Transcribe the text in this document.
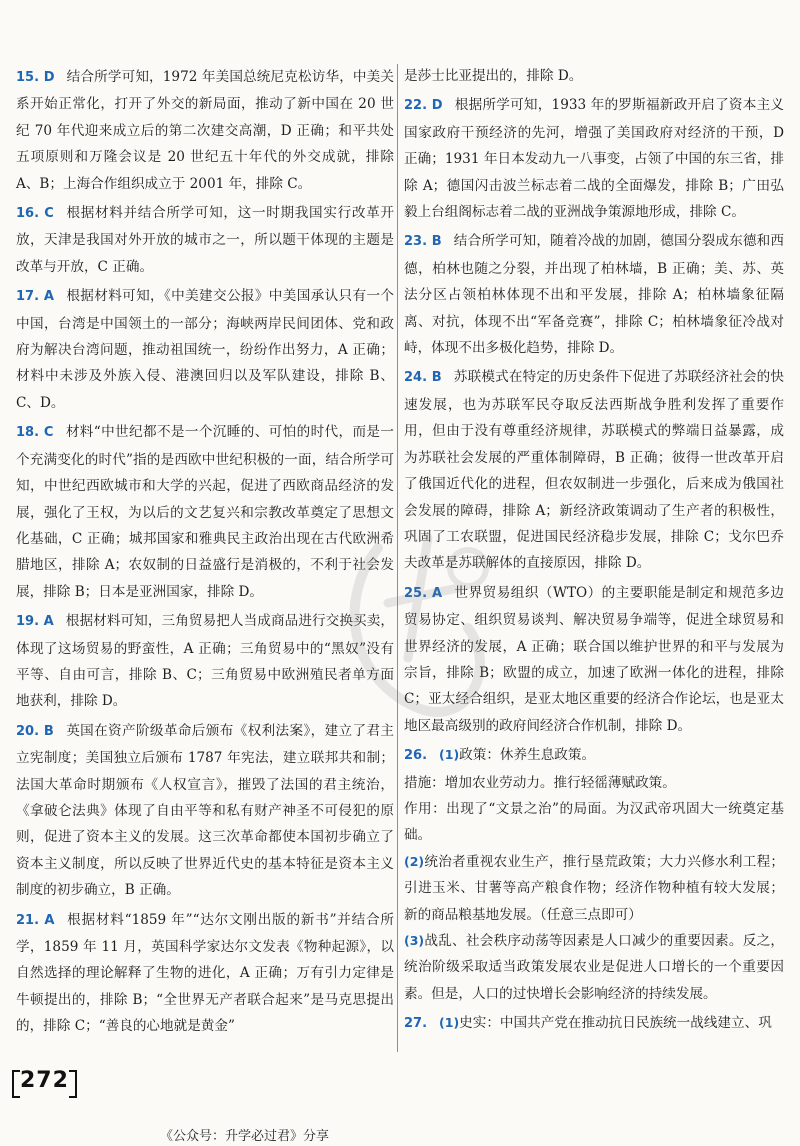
15. D 结合所学可知，1972 年美国总统尼克松访华，中美关系开始正常化，打开了外交的新局面，推动了新中国在 20 世纪 70 年代迎来成立后的第二次建交高潮，D 正确；和平共处五项原则和万隆会议是 20 世纪五十年代的外交成就，排除 A、B；上海合作组织成立于 2001 年，排除 C。
16. C 根据材料并结合所学可知，这一时期我国实行改革开放，天津是我国对外开放的城市之一，所以题干体现的主题是改革与开放，C 正确。
17. A 根据材料可知，《中美建交公报》中美国承认只有一个中国，台湾是中国领土的一部分；海峡两岸民间团体、党和政府为解决台湾问题，推动祖国统一，纷纷作出努力，A 正确；材料中未涉及外族入侵、港澳回归以及军队建设，排除 B、C、D。
18. C 材料“中世纪都不是一个沉睡的、可怕的时代，而是一个充满变化的时代”指的是西欧中世纪积极的一面，结合所学可知，中世纪西欧城市和大学的兴起，促进了西欧商品经济的发展，强化了王权，为以后的文艺复兴和宗教改革奠定了思想文化基础，C 正确；城邦国家和雅典民主政治出现在古代欧洲希腊地区，排除 A；农奴制的日益盛行是消极的，不利于社会发展，排除 B；日本是亚洲国家，排除 D。
19. A 根据材料可知，三角贸易把人当成商品进行交换买卖，体现了这场贸易的野蛮性，A 正确；三角贸易中的“黑奴”没有平等、自由可言，排除 B、C；三角贸易中欧洲殖民者单方面地获利，排除 D。
20. B 英国在资产阶级革命后颁布《权利法案》，建立了君主立宪制度；美国独立后颁布 1787 年宪法，建立联邦共和制；法国大革命时期颁布《人权宣言》，摧毁了法国的君主统治，《拿破仑法典》体现了自由平等和私有财产神圣不可侵犯的原则，促进了资本主义的发展。这三次革命都使本国初步确立了资本主义制度，所以反映了世界近代史的基本特征是资本主义制度的初步确立，B 正确。
21. A 根据材料“1859 年”“达尔文刚出版的新书”并结合所学，1859 年 11 月，英国科学家达尔文发表《物种起源》，以自然选择的理论解释了生物的进化，A 正确；万有引力定律是牛顿提出的，排除 B；“全世界无产者联合起来”是马克思提出的，排除 C；“善良的心地就是黄金”
是莎士比亚提出的，排除 D。
22. D 根据所学可知，1933 年的罗斯福新政开启了资本主义国家政府干预经济的先河，增强了美国政府对经济的干预，D 正确；1931 年日本发动九一八事变，占领了中国的东三省，排除 A；德国闪击波兰标志着二战的全面爆发，排除 B；广田弘毅上台组阁标志着二战的亚洲战争策源地形成，排除 C。
23. B 结合所学可知，随着冷战的加剧，德国分裂成东德和西德，柏林也随之分裂，并出现了柏林墙，B 正确；美、苏、英法分区占领柏林体现不出和平发展，排除 A；柏林墙象征隔离、对抗，体现不出“军备竞赛”，排除 C；柏林墙象征冷战对峙，体现不出多极化趋势，排除 D。
24. B 苏联模式在特定的历史条件下促进了苏联经济社会的快速发展，也为苏联军民夺取反法西斯战争胜利发挥了重要作用，但由于没有尊重经济规律，苏联模式的弊端日益暴露，成为苏联社会发展的严重体制障碍，B 正确；彼得一世改革开启了俄国近代化的进程，但农奴制进一步强化，后来成为俄国社会发展的障碍，排除 A；新经济政策调动了生产者的积极性，巩固了工农联盟，促进国民经济稳步发展，排除 C；戈尔巴乔夫改革是苏联解体的直接原因，排除 D。
25. A 世界贸易组织（WTO）的主要职能是制定和规范多边贸易协定、组织贸易谈判、解决贸易争端等，促进全球贸易和世界经济的发展，A 正确；联合国以维护世界的和平与发展为宗旨，排除 B；欧盟的成立，加速了欧洲一体化的进程，排除 C；亚太经合组织，是亚太地区重要的经济合作论坛，也是亚太地区最高级别的政府间经济合作机制，排除 D。

26. (1)政策：休养生息政策。

措施：增加农业劳动力。推行轻徭薄赋政策。

作用：出现了“文景之治”的局面。为汉武帝巩固大一统奠定基础。

(2)统治者重视农业生产，推行垦荒政策；大力兴修水利工程；引进玉米、甘薯等高产粮食作物；经济作物种植有较大发展；新的商品粮基地发展。（任意三点即可）

(3)战乱、社会秩序动荡等因素是人口减少的重要因素。反之，统治阶级采取适当政策发展农业是促进人口增长的一个重要因素。但是，人口的过快增长会影响经济的持续发展。

27. (1)史实：中国共产党在推动抗日民族统一战线建立、巩
272
《公众号：升学必过君》分享
